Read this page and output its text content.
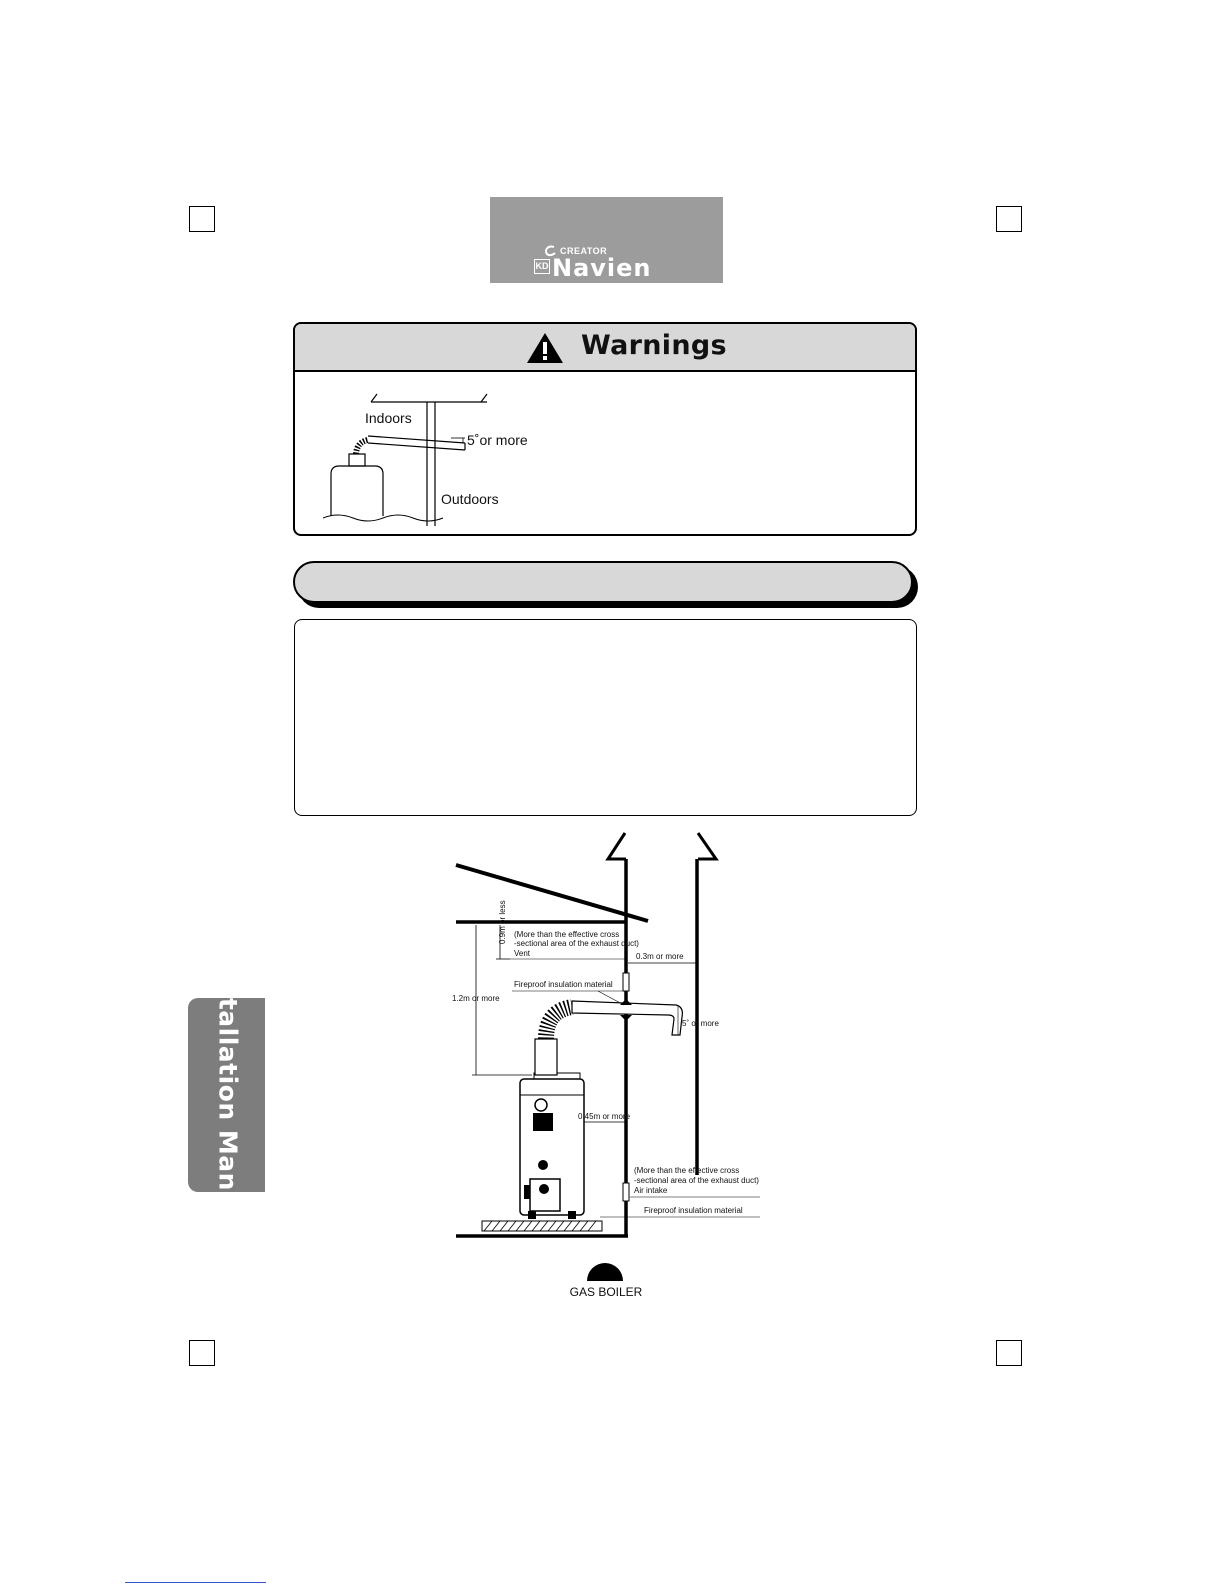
CREATOR
KD Navien
Warnings
Indoors
5˚or more
Outdoors
(More than the effective cross
-sectional area of the exhaust duct)
Vent
0.9m or less
0.3m or more
Fireproof insulation material
1.2m or more
5˚ or more
0.45m or more
(More than the effective cross
-sectional area of the exhaust duct)
Air intake
Fireproof insulation material
Installation Manual
GAS BOILER
